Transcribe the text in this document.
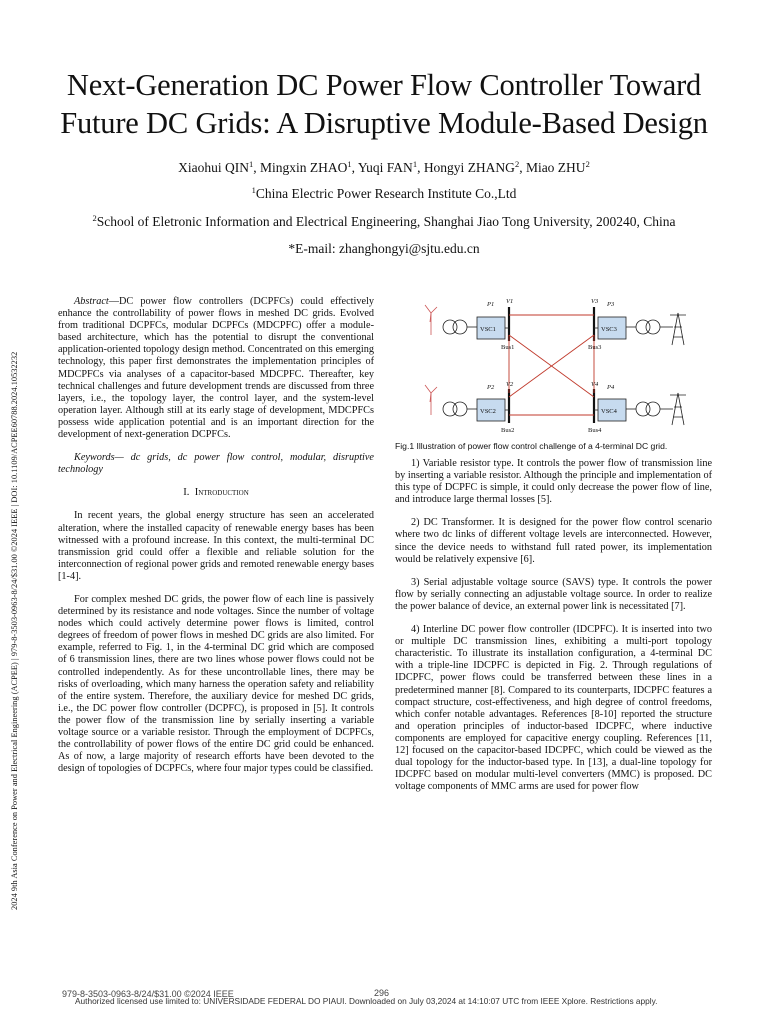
Next-Generation DC Power Flow Controller Toward Future DC Grids: A Disruptive Module-Based Design
Xiaohui QIN$^1$, Mingxin ZHAO$^1$, Yuqi FAN$^1$, Hongyi ZHANG$^2$, Miao ZHU$^2$
$^1$China Electric Power Research Institute Co.,Ltd
$^2$School of Eletronic Information and Electrical Engineering, Shanghai Jiao Tong University, 200240, China
*E-mail: zhanghongyi@sjtu.edu.cn
2024 9th Asia Conference on Power and Electrical Engineering (ACPEE) | 979-8-3503-0963-8/24/$31.00 ©2024 IEEE | DOI: 10.1109/ACPEE60788.2024.10532232

Abstract—DC power flow controllers (DCPFCs) could effectively enhance the controllability of power flows in meshed DC grids. Evolved from traditional DCPFCs, modular DCPFCs (MDCPFC) offer a module-based architecture, which has the potential to disrupt the conventional application-oriented topology design method. Concentrated on this emerging technology, this paper first demonstrates the implementation principles of MDCPFCs via analyses of a capacitor-based MDCPFC. Thereafter, key technical challenges and future development trends are discussed from three layers, i.e., the topology layer, the control layer, and the system-level operation layer. Although still at its early stage of development, MDCPFCs possess wide application potential and is an important direction for the development of next-generation DCPFCs.

Keywords— dc grids, dc power flow control, modular, disruptive technology

I. Introduction

In recent years, the global energy structure has seen an accelerated alteration, where the installed capacity of renewable energy bases has been witnessed with a profound increase. In this context, the multi-terminal DC transmission grid could offer a flexible and reliable solution for the interconnection of regional power grids and remoted renewable energy bases [1-4].

For complex meshed DC grids, the power flow of each line is passively determined by its resistance and node voltages. Since the number of voltage nodes which could actively determine power flows is limited, control degrees of freedom of power flows in meshed DC grids are also limited. For example, referred to Fig. 1, in the 4-terminal DC grid which are composed of 6 transmission lines, there are two lines whose power flows could not be controlled independently. As for these uncontrollable lines, there may be risks of overloading, which many harness the operation safety and reliability of the entire system. Therefore, the auxiliary device for meshed DC grids, i.e., the DC power flow controller (DCPFC), is proposed in [5]. It controls the power flow of the transmission line by serially inserting a variable voltage source or a variable resistor. Through the employment of DCPFCs, the controllability of power flows of the entire DC grid could be enhanced. As of now, a large majority of research efforts have been devoted to the design of topologies of DCPFCs, where four major types could be classified.

VSC1
VSC2
VSC3
VSC4
Bus1
Bus2
Bus3
Bus4
P1
P2
P3
P4
V1
V2
V3
V4
Fig.1 Illustration of power flow control challenge of a 4-terminal DC grid.

1) Variable resistor type. It controls the power flow of transmission line by inserting a variable resistor. Although the principle and implementation of this type of DCPFC is simple, it could only decrease the power flow of line, and introduce large thermal losses [5].

2) DC Transformer. It is designed for the power flow control scenario where two dc links of different voltage levels are interconnected. However, since the device needs to withstand full rated power, its implementation would be relatively expensive [6].

3) Serial adjustable voltage source (SAVS) type. It controls the power flow by serially connecting an adjustable voltage source. In order to realize the power balance of device, an external power link is necessitated [7].

4) Interline DC power flow controller (IDCPFC). It is inserted into two or multiple DC transmission lines, exhibiting a multi-port topology characteristic. To illustrate its installation configuration, a 4-terminal DC with a triple-line IDCPFC is depicted in Fig. 2. Through regulations of IDCPFC, power flows could be transferred between these lines in a predetermined manner [8]. Compared to its counterparts, IDCPFC features a compact structure, cost-effectiveness, and high degree of control freedoms, which confer notable advantages. References [8-10] reported the structure and operation principles of inductor-based IDCPFC, where inductive components are employed for capacitive energy coupling. References [11, 12] focused on the capacitor-based IDCPFC, which could be viewed as the dual topology for the inductor-based type. In [13], a dual-line topology for IDCPFC based on modular multi-level converters (MMC) is proposed. DC voltage components of MMC arms are used for power flow

979-8-3503-0963-8/24/$31.00 ©2024 IEEE	296
Authorized licensed use limited to: UNIVERSIDADE FEDERAL DO PIAUI. Downloaded on July 03,2024 at 14:10:07 UTC from IEEE Xplore. Restrictions apply.
